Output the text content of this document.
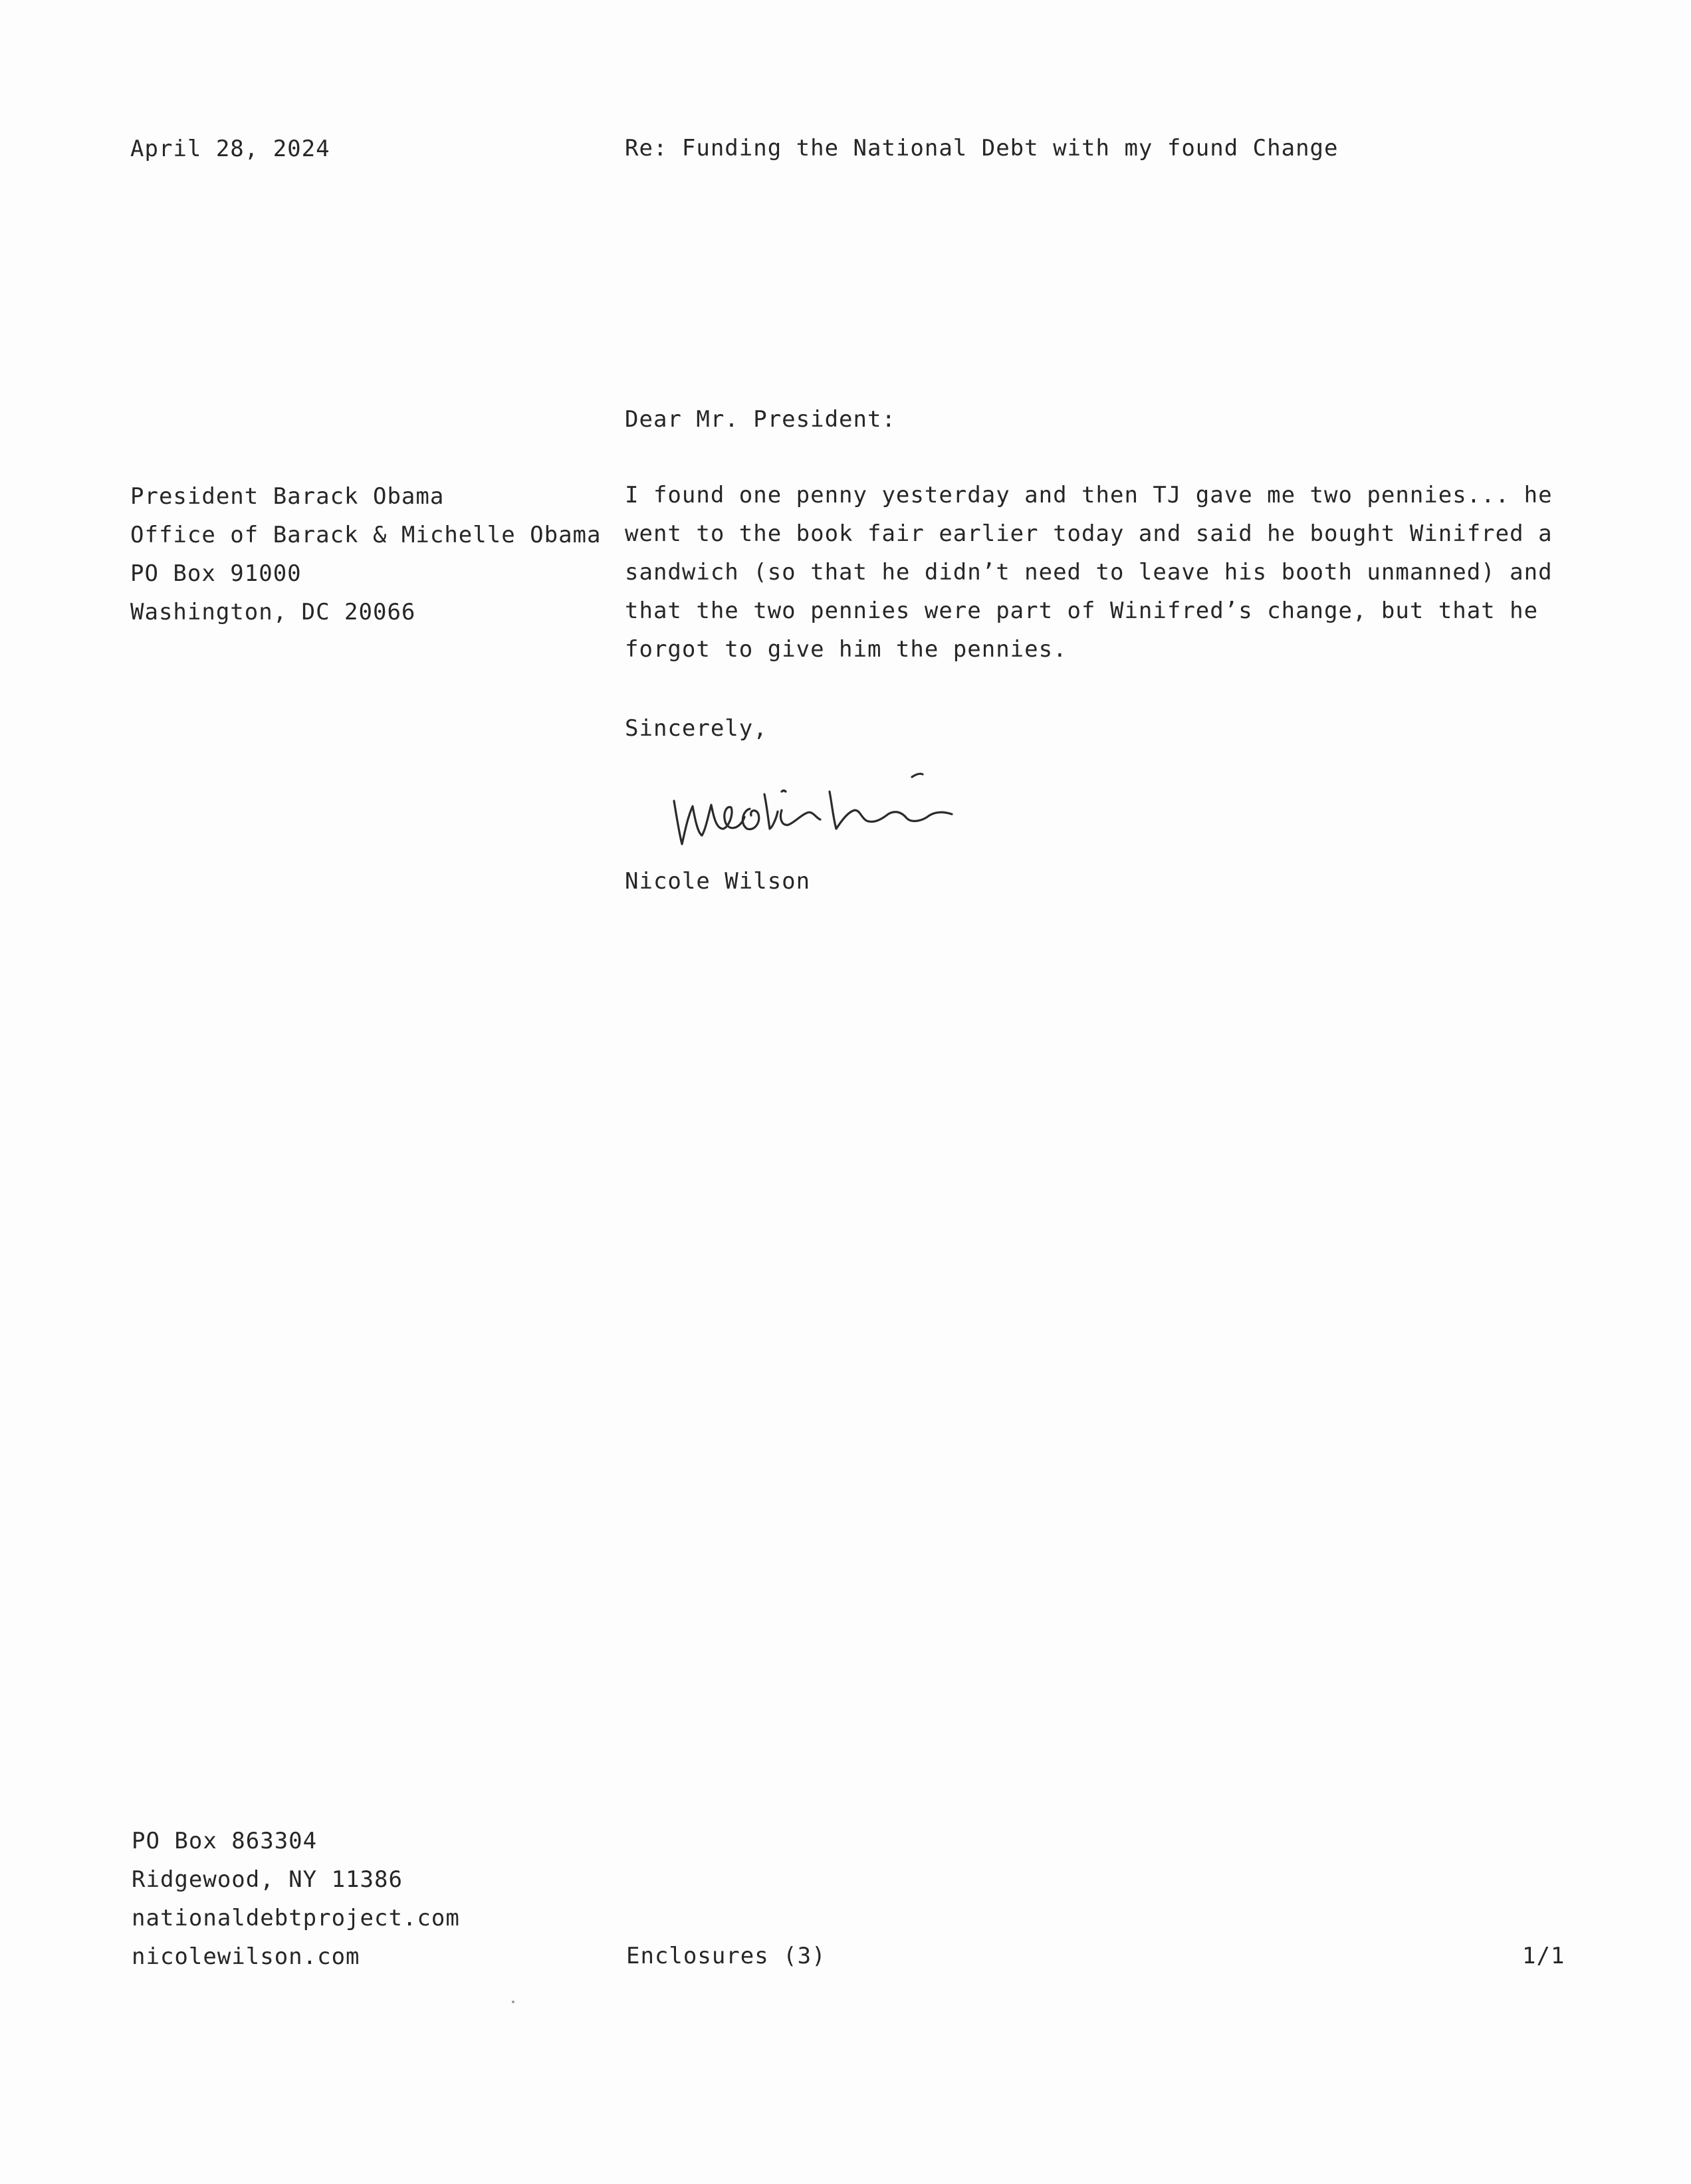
April 28, 2024	Re: Funding the National Debt with my found Change
Dear Mr. President:
President Barack Obama
Office of Barack & Michelle Obama
PO Box 91000
Washington, DC 20066
I found one penny yesterday and then TJ gave me two pennies... he
went to the book fair earlier today and said he bought Winifred a
sandwich (so that he didn’t need to leave his booth unmanned) and
that the two pennies were part of Winifred’s change, but that he
forgot to give him the pennies.
Sincerely,
Nicole Wilson
PO Box 863304
Ridgewood, NY 11386
nationaldebtproject.com
nicolewilson.com	Enclosures (3)	1/1
